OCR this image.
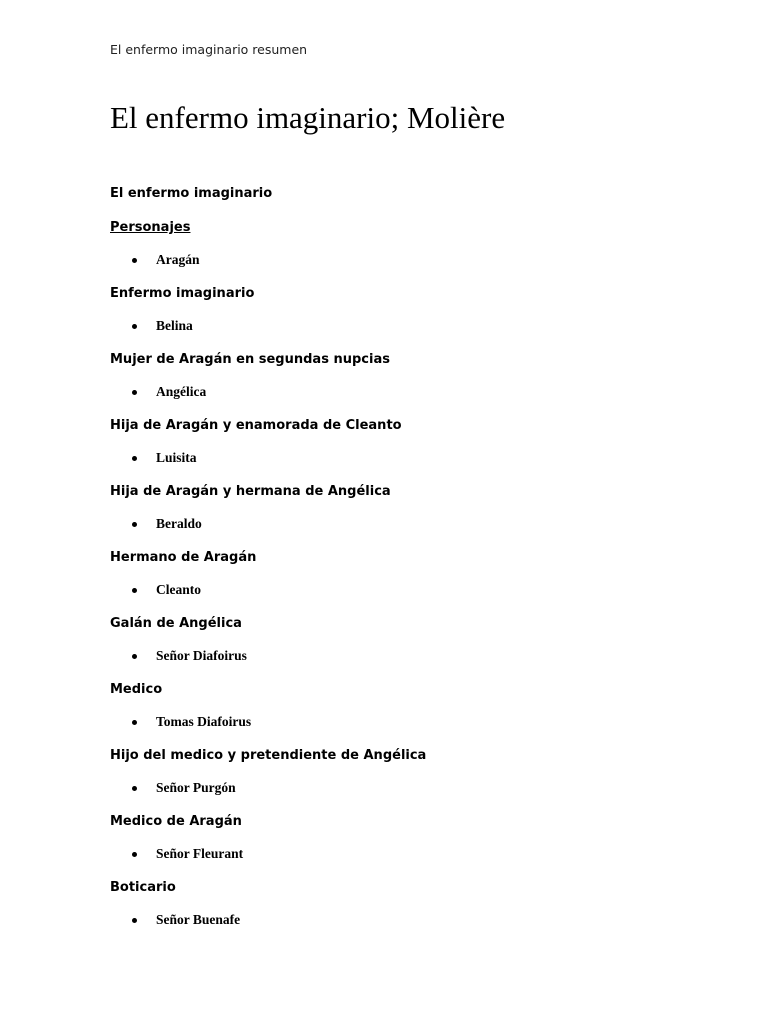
El enfermo imaginario resumen
El enfermo imaginario; Molière
El enfermo imaginario
Personajes
Aragán
Enfermo imaginario
Belina
Mujer de Aragán en segundas nupcias
Angélica
Hija de Aragán y enamorada de Cleanto
Luisita
Hija de Aragán y hermana de Angélica
Beraldo
Hermano de Aragán
Cleanto
Galán de Angélica
Señor Diafoirus
Medico
Tomas Diafoirus
Hijo del medico y pretendiente de Angélica
Señor Purgón
Medico de Aragán
Señor Fleurant
Boticario
Señor Buenafe
